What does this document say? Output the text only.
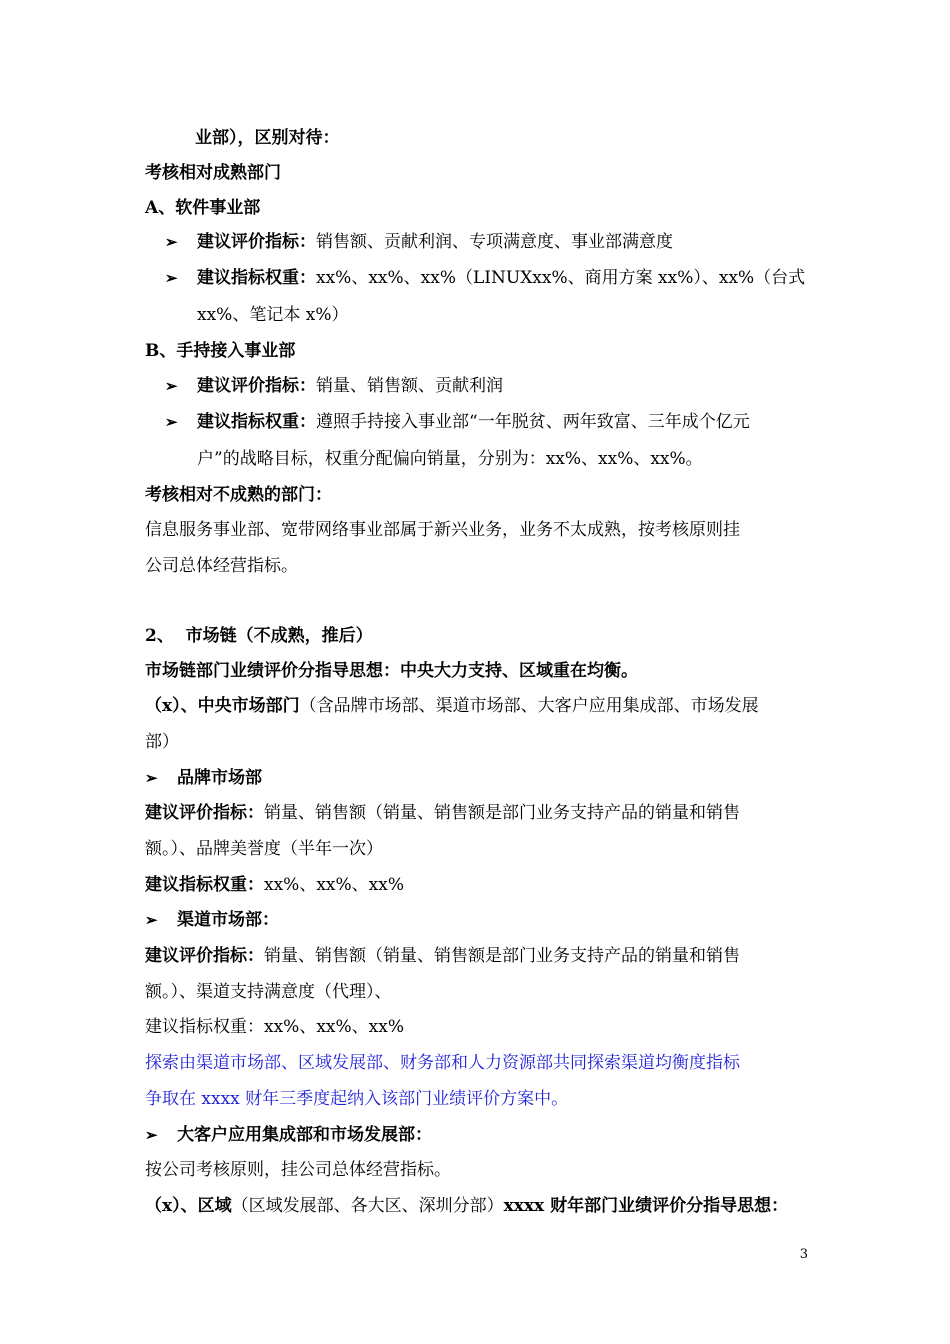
业部），区别对待：
考核相对成熟部门
A、软件事业部
➢	建议评价指标：销售额、贡献利润、专项满意度、事业部满意度
➢	建议指标权重：xx%、xx%、xx%（LINUXxx%、商用方案 xx%）、xx%（台式
xx%、笔记本 x%）
B、手持接入事业部
➢	建议评价指标：销量、销售额、贡献利润
➢	建议指标权重：遵照手持接入事业部“一年脱贫、两年致富、三年成个亿元
户”的战略目标，权重分配偏向销量，分别为：xx%、xx%、xx%。
考核相对不成熟的部门：
信息服务事业部、宽带网络事业部属于新兴业务，业务不太成熟，按考核原则挂
公司总体经营指标。
2、  市场链（不成熟，推后）
市场链部门业绩评价分指导思想：中央大力支持、区域重在均衡。
（x）、中央市场部门（含品牌市场部、渠道市场部、大客户应用集成部、市场发展
部）
➢	品牌市场部
建议评价指标：销量、销售额（销量、销售额是部门业务支持产品的销量和销售
额。）、品牌美誉度（半年一次）
建议指标权重：xx%、xx%、xx%
➢	渠道市场部：
建议评价指标：销量、销售额（销量、销售额是部门业务支持产品的销量和销售
额。）、渠道支持满意度（代理）、
建议指标权重：xx%、xx%、xx%
探索由渠道市场部、区域发展部、财务部和人力资源部共同探索渠道均衡度指标
争取在 xxxx 财年三季度起纳入该部门业绩评价方案中。
➢	大客户应用集成部和市场发展部：
按公司考核原则，挂公司总体经营指标。
（x）、区域（区域发展部、各大区、深圳分部）xxxx 财年部门业绩评价分指导思想：
3
